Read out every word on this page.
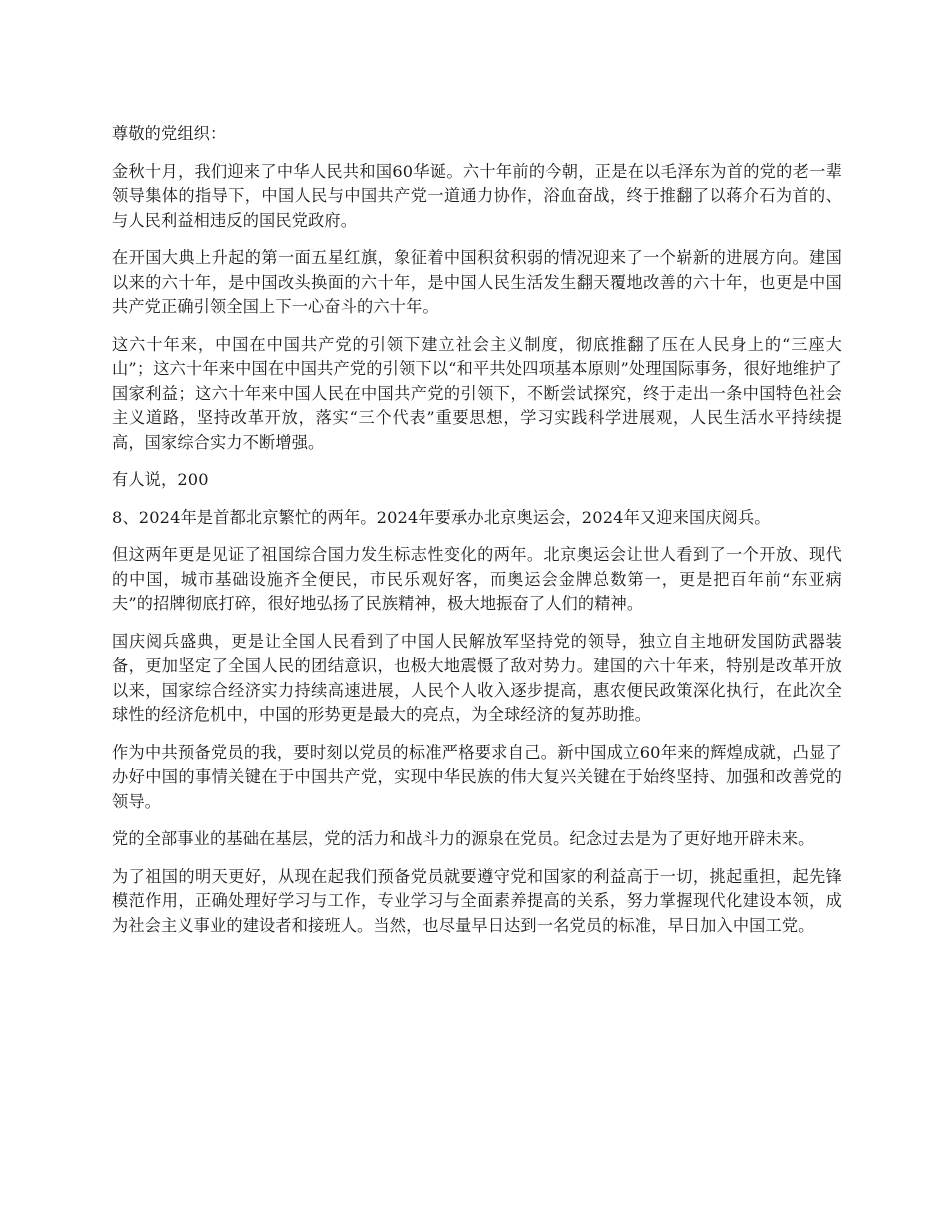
尊敬的党组织：

金秋十月，我们迎来了中华人民共和国60华诞。六十年前的今朝，正是在以毛泽东为首的党的老一辈领导集体的指导下，中国人民与中国共产党一道通力协作，浴血奋战，终于推翻了以蒋介石为首的、与人民利益相违反的国民党政府。

在开国大典上升起的第一面五星红旗，象征着中国积贫积弱的情况迎来了一个崭新的进展方向。建国以来的六十年，是中国改头换面的六十年，是中国人民生活发生翻天覆地改善的六十年，也更是中国共产党正确引领全国上下一心奋斗的六十年。

这六十年来，中国在中国共产党的引领下建立社会主义制度，彻底推翻了压在人民身上的“三座大山”；这六十年来中国在中国共产党的引领下以“和平共处四项基本原则”处理国际事务，很好地维护了国家利益；这六十年来中国人民在中国共产党的引领下，不断尝试探究，终于走出一条中国特色社会主义道路，坚持改革开放，落实“三个代表”重要思想，学习实践科学进展观，人民生活水平持续提高，国家综合实力不断增强。

有人说，200

8、2024年是首都北京繁忙的两年。2024年要承办北京奥运会，2024年又迎来国庆阅兵。

但这两年更是见证了祖国综合国力发生标志性变化的两年。北京奥运会让世人看到了一个开放、现代的中国，城市基础设施齐全便民，市民乐观好客，而奥运会金牌总数第一，更是把百年前“东亚病夫”的招牌彻底打碎，很好地弘扬了民族精神，极大地振奋了人们的精神。

国庆阅兵盛典，更是让全国人民看到了中国人民解放军坚持党的领导，独立自主地研发国防武器装备，更加坚定了全国人民的团结意识，也极大地震慑了敌对势力。建国的六十年来，特别是改革开放以来，国家综合经济实力持续高速进展，人民个人收入逐步提高，惠农便民政策深化执行，在此次全球性的经济危机中，中国的形势更是最大的亮点，为全球经济的复苏助推。

作为中共预备党员的我，要时刻以党员的标准严格要求自己。新中国成立60年来的辉煌成就，凸显了办好中国的事情关键在于中国共产党，实现中华民族的伟大复兴关键在于始终坚持、加强和改善党的领导。

党的全部事业的基础在基层，党的活力和战斗力的源泉在党员。纪念过去是为了更好地开辟未来。

为了祖国的明天更好，从现在起我们预备党员就要遵守党和国家的利益高于一切，挑起重担，起先锋模范作用，正确处理好学习与工作，专业学习与全面素养提高的关系，努力掌握现代化建设本领，成为社会主义事业的建设者和接班人。当然，也尽量早日达到一名党员的标准，早日加入中国工党。
